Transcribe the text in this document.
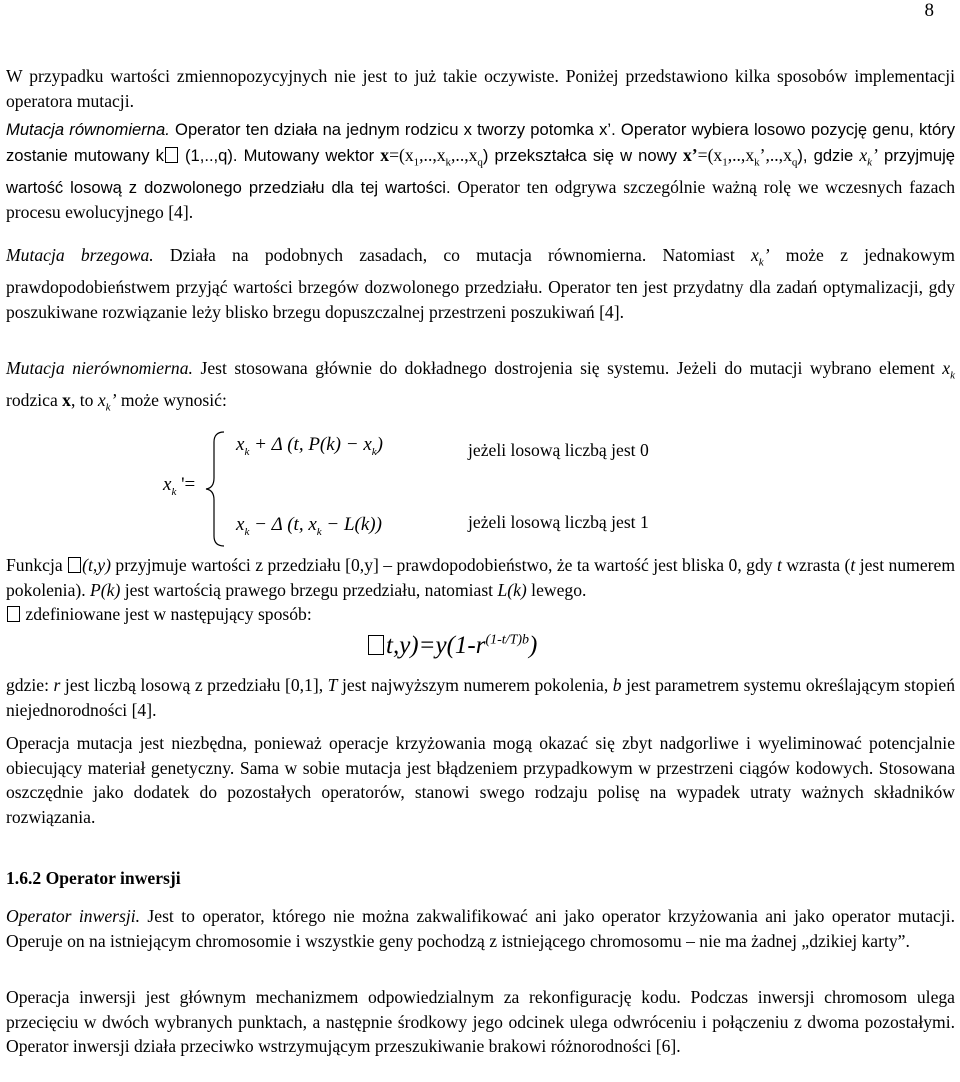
8

W przypadku wartości zmiennopozycyjnych nie jest to już takie oczywiste. Poniżej przedstawiono kilka sposobów implementacji operatora mutacji.

Mutacja równomierna. Operator ten działa na jednym rodzicu x tworzy potomka x’. Operator wybiera losowo pozycję genu, który zostanie mutowany k (1,..,q). Mutowany wektor $x=(x_1,..,x_k,..,x_q)$ przekształca się w nowy $x’=(x_1,..,x_k’,..,x_q)$, gdzie $x_k$’ przyjmuję wartość losową z dozwolonego przedziału dla tej wartości. Operator ten odgrywa szczególnie ważną rolę we wczesnych fazach procesu ewolucyjnego [4].

Mutacja brzegowa. Działa na podobnych zasadach, co mutacja równomierna. Natomiast $x_k$’ może z jednakowym prawdopodobieństwem przyjąć wartości brzegów dozwolonego przedziału. Operator ten jest przydatny dla zadań optymalizacji, gdy poszukiwane rozwiązanie leży blisko brzegu dopuszczalnej przestrzeni poszukiwań [4].

Mutacja nierównomierna. Jest stosowana głównie do dokładnego dostrojenia się systemu. Jeżeli do mutacji wybrano element $x_k$ rodzica x, to $x_k$’ może wynosić:

$x_k$ '=
$x_k + \Delta$ (t, $P(k) - x_k$)	jeżeli losową liczbą jest 0
$x_k - \Delta$ (t, $x_k - L(k)$)	jeżeli losową liczbą jest 1

Funkcja (t,y) przyjmuje wartości z przedziału [0,y] – prawdopodobieństwo, że ta wartość jest bliska 0, gdy t wzrasta (t jest numerem pokolenia). P(k) jest wartością prawego brzegu przedziału, natomiast L(k) lewego.
zdefiniowane jest w następujący sposób:

$t,y)=y(1-r^{(1-t/T)b})$

gdzie: r jest liczbą losową z przedziału [0,1], T jest najwyższym numerem pokolenia, b jest parametrem systemu określającym stopień niejednorodności [4].

Operacja mutacja jest niezbędna, ponieważ operacje krzyżowania mogą okazać się zbyt nadgorliwe i wyeliminować potencjalnie obiecujący materiał genetyczny. Sama w sobie mutacja jest błądzeniem przypadkowym w przestrzeni ciągów kodowych. Stosowana oszczędnie jako dodatek do pozostałych operatorów, stanowi swego rodzaju polisę na wypadek utraty ważnych składników rozwiązania.

1.6.2 Operator inwersji

Operator inwersji. Jest to operator, którego nie można zakwalifikować ani jako operator krzyżowania ani jako operator mutacji. Operuje on na istniejącym chromosomie i wszystkie geny pochodzą z istniejącego chromosomu – nie ma żadnej „dzikiej karty”.

Operacja inwersji jest głównym mechanizmem odpowiedzialnym za rekonfigurację kodu. Podczas inwersji chromosom ulega przecięciu w dwóch wybranych punktach, a następnie środkowy jego odcinek ulega odwróceniu i połączeniu z dwoma pozostałymi. Operator inwersji działa przeciwko wstrzymującym przeszukiwanie brakowi różnorodności [6].
